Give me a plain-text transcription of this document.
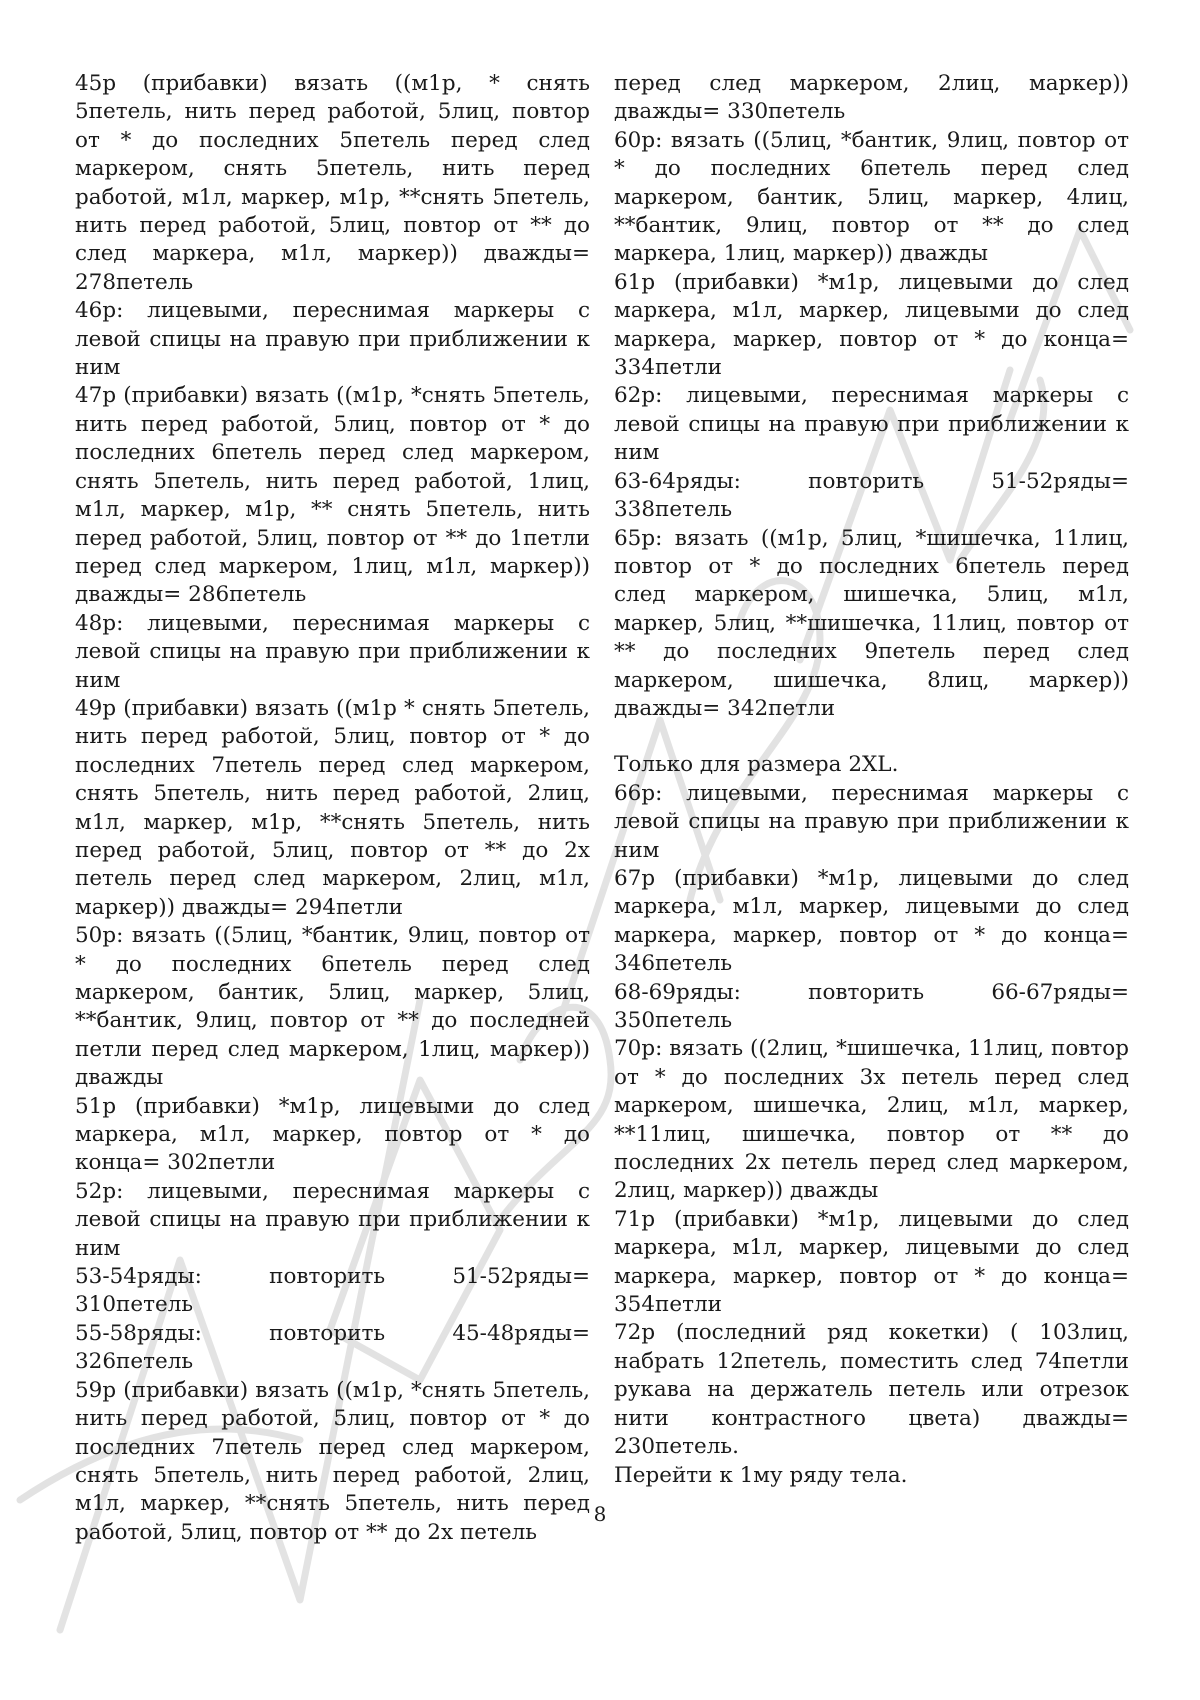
45р (прибавки) вязать ((м1р, * снять 5петель, нить перед работой, 5лиц, повтор от * до последних 5петель перед след маркером, снять 5петель, нить перед работой, м1л, маркер, м1р, **снять 5петель, нить перед работой, 5лиц, повтор от ** до след маркера, м1л, маркер)) дважды= 278петель

46р: лицевыми, переснимая маркеры с левой спицы на правую при приближении к ним

47р (прибавки) вязать ((м1р, *снять 5петель, нить перед работой, 5лиц, повтор от * до последних 6петель перед след маркером, снять 5петель, нить перед работой, 1лиц, м1л, маркер, м1р, ** снять 5петель, нить перед работой, 5лиц, повтор от ** до 1петли перед след маркером, 1лиц, м1л, маркер)) дважды= 286петель

48р: лицевыми, переснимая маркеры с левой спицы на правую при приближении к ним

49р (прибавки) вязать ((м1р * снять 5петель, нить перед работой, 5лиц, повтор от * до последних 7петель перед след маркером, снять 5петель, нить перед работой, 2лиц, м1л, маркер, м1р, **снять 5петель, нить перед работой, 5лиц, повтор от ** до 2х петель перед след маркером, 2лиц, м1л, маркер)) дважды= 294петли

50р: вязать ((5лиц, *бантик, 9лиц, повтор от * до последних 6петель перед след маркером, бантик, 5лиц, маркер, 5лиц, **бантик, 9лиц, повтор от ** до последней петли перед след маркером, 1лиц, маркер)) дважды

51р (прибавки) *м1р, лицевыми до след маркера, м1л, маркер, повтор от * до конца= 302петли

52р: лицевыми, переснимая маркеры с левой спицы на правую при приближении к ним

53-54ряды: повторить 51-52ряды= 310петель

55-58ряды: повторить 45-48ряды= 326петель

59р (прибавки) вязать ((м1р, *снять 5петель, нить перед работой, 5лиц, повтор от * до последних 7петель перед след маркером, снять 5петель, нить перед работой, 2лиц, м1л, маркер, **снять 5петель, нить перед работой, 5лиц, повтор от ** до 2х петель

перед след маркером, 2лиц, маркер)) дважды= 330петель

60р: вязать ((5лиц, *бантик, 9лиц, повтор от * до последних 6петель перед след маркером, бантик, 5лиц, маркер, 4лиц, **бантик, 9лиц, повтор от ** до след маркера, 1лиц, маркер)) дважды

61р (прибавки) *м1р, лицевыми до след маркера, м1л, маркер, лицевыми до след маркера, маркер, повтор от * до конца= 334петли

62р: лицевыми, переснимая маркеры с левой спицы на правую при приближении к ним

63-64ряды: повторить 51-52ряды= 338петель

65р: вязать ((м1р, 5лиц, *шишечка, 11лиц, повтор от * до последних 6петель перед след маркером, шишечка, 5лиц, м1л, маркер, 5лиц, **шишечка, 11лиц, повтор от ** до последних 9петель перед след маркером, шишечка, 8лиц, маркер)) дважды= 342петли

Только для размера 2XL.

66р: лицевыми, переснимая маркеры с левой спицы на правую при приближении к ним

67р (прибавки) *м1р, лицевыми до след маркера, м1л, маркер, лицевыми до след маркера, маркер, повтор от * до конца= 346петель

68-69ряды: повторить 66-67ряды= 350петель

70р: вязать ((2лиц, *шишечка, 11лиц, повтор от * до последних 3х петель перед след маркером, шишечка, 2лиц, м1л, маркер, **11лиц, шишечка, повтор от ** до последних 2х петель перед след маркером, 2лиц, маркер)) дважды

71р (прибавки) *м1р, лицевыми до след маркера, м1л, маркер, лицевыми до след маркера, маркер, повтор от * до конца= 354петли

72р (последний ряд кокетки) ( 103лиц, набрать 12петель, поместить след 74петли рукава на держатель петель или отрезок нити контрастного цвета) дважды= 230петель.

Перейти к 1му ряду тела.

8
